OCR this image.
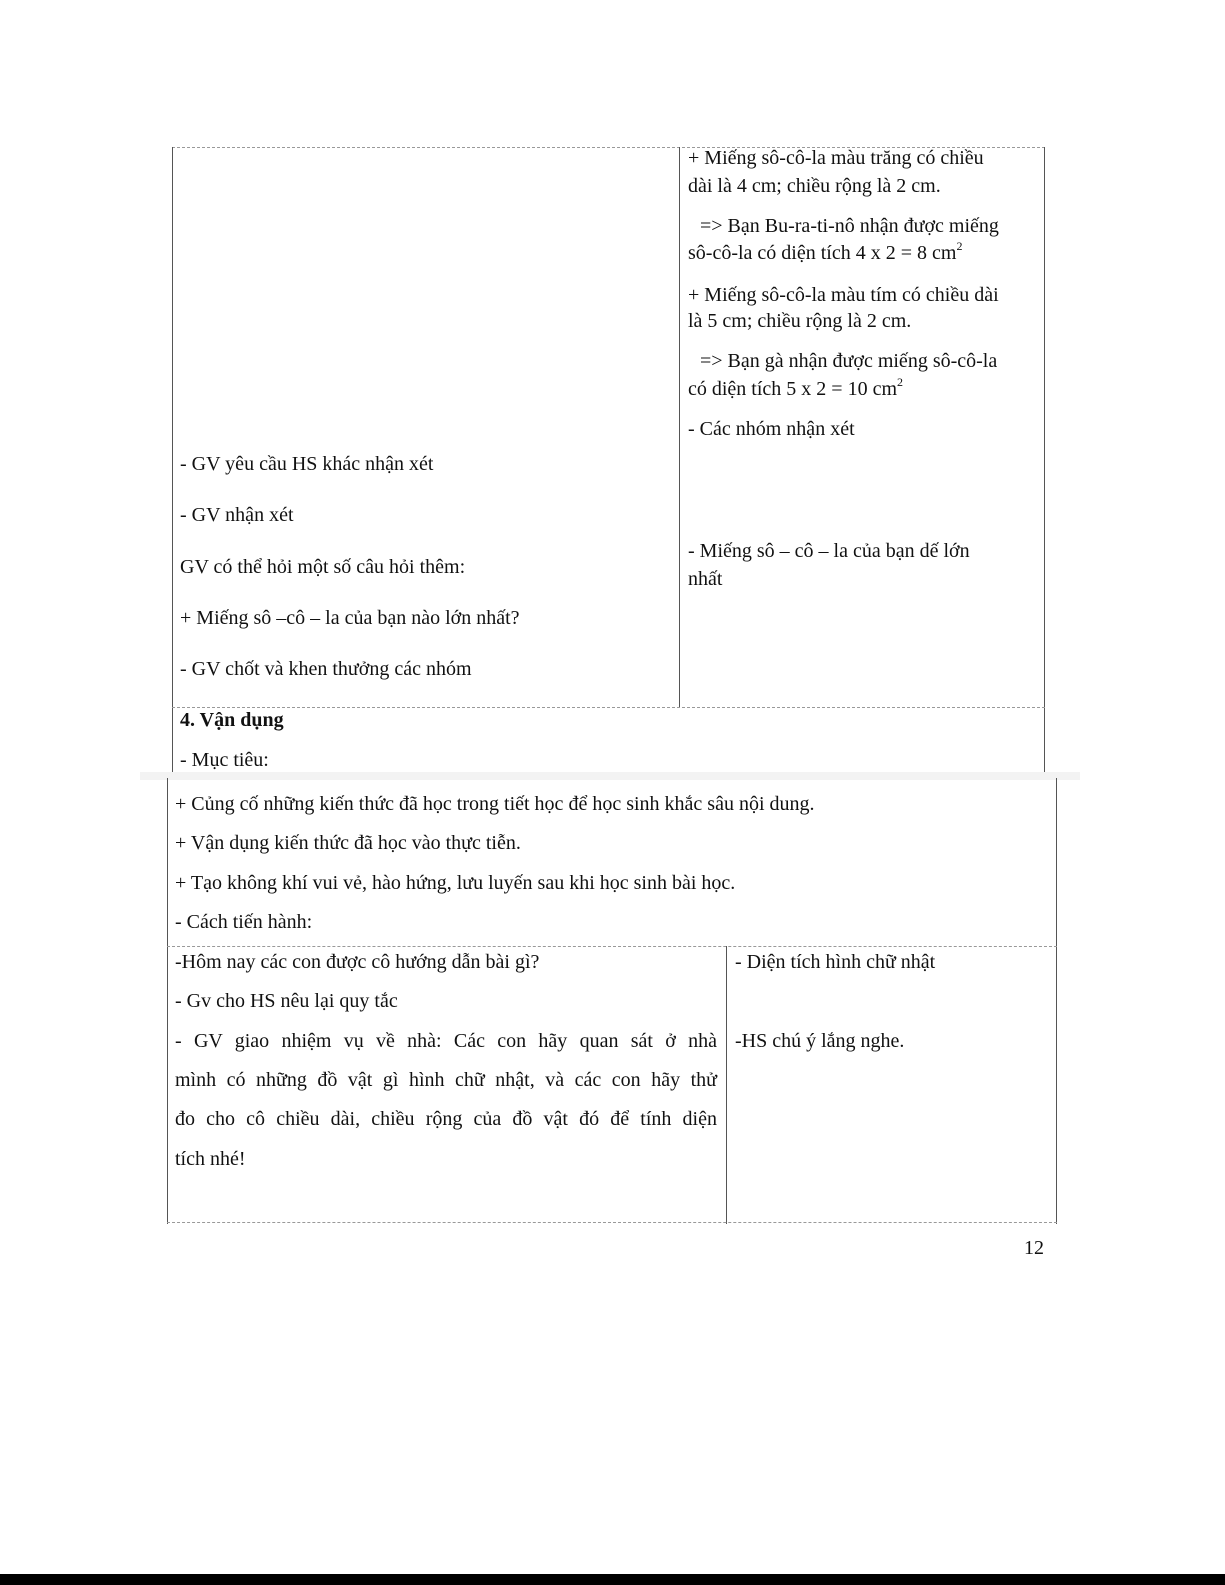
+ Miếng sô-cô-la màu trăng có chiều
dài là 4 cm; chiều rộng là 2 cm.
=> Bạn Bu-ra-ti-nô nhận được miếng
sô-cô-la có diện tích 4 x 2 = 8 $cm^2$
+ Miếng sô-cô-la màu tím có chiều dài
là 5 cm; chiều rộng là 2 cm.
=> Bạn gà nhận được miếng sô-cô-la
có diện tích 5 x 2 = 10 $cm^2$
- Các nhóm nhận xét
- Miếng sô – cô – la của bạn dế lớn
nhất
- GV yêu cầu HS khác nhận xét
- GV nhận xét
GV có thể hỏi một số câu hỏi thêm:
+ Miếng sô –cô – la của bạn nào lớn nhất?
- GV chốt và khen thưởng các nhóm
4. Vận dụng
- Mục tiêu:
+ Củng cố những kiến thức đã học trong tiết học để học sinh khắc sâu nội dung.
+ Vận dụng kiến thức đã học vào thực tiễn.
+ Tạo không khí vui vẻ, hào hứng, lưu luyến sau khi học sinh bài học.
- Cách tiến hành:
-Hôm nay các con được cô hướng dẫn bài gì?
- Gv cho HS nêu lại quy tắc
- GV giao nhiệm vụ về nhà: Các con hãy quan sát ở nhà
mình có những đồ vật gì hình chữ nhật, và các con hãy thử
đo cho cô chiều dài, chiều rộng của đồ vật đó để tính diện
tích nhé!
- Diện tích hình chữ nhật
-HS chú ý lắng nghe.
12
